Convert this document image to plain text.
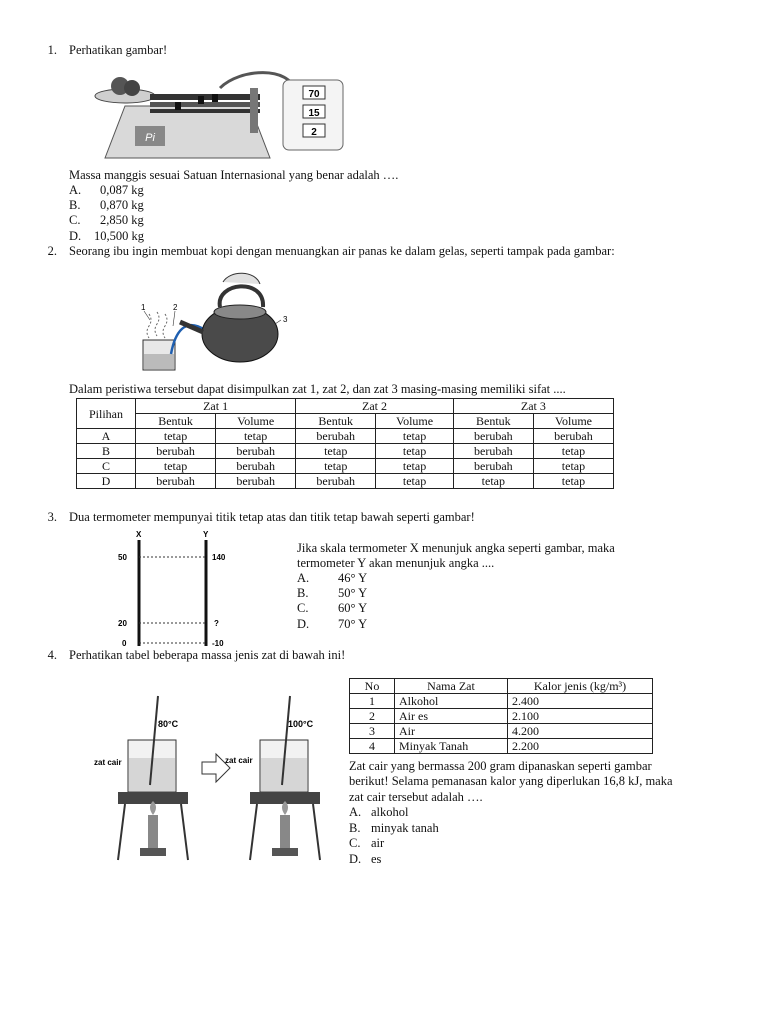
1. Perhatikan gambar!
Pi
70
15
2
Massa manggis sesuai Satuan Internasional yang benar adalah ….
A. 0,087 kg
B. 0,870 kg
C. 2,850 kg
D. 10,500 kg
2. Seorang ibu ingin membuat kopi dengan menuangkan air panas ke dalam gelas, seperti tampak pada gambar:
1	2
3
Dalam peristiwa tersebut dapat disimpulkan zat 1, zat 2, dan zat 3 masing-masing memiliki sifat ....
Pilihan	Zat 1		Zat 2		Zat 3	
	Bentuk	Volume	Bentuk	Volume	Bentuk	Volume
A	tetap	tetap	berubah	tetap	berubah	berubah
B	berubah	berubah	tetap	tetap	berubah	tetap
C	tetap	berubah	tetap	tetap	berubah	tetap
D	berubah	berubah	berubah	tetap	tetap	tetap
3. Dua termometer mempunyai titik tetap atas dan titik tetap bawah seperti gambar!
X	Y
50
20
0
140
?
-10
Jika skala termometer X menunjuk angka seperti gambar, maka
termometer Y akan menunjuk angka ....
A. 46° Y
B. 50° Y
C. 60° Y
D. 70° Y
4. Perhatikan tabel beberapa massa jenis zat di bawah ini!
No	Nama Zat	Kalor jenis (kg/m³)
1	Alkohol	2.400
2	Air es	2.100
3	Air	4.200
4	Minyak Tanah	2.200
80°C
zat cair
100°C
zat cair	Zat cair yang bermassa 200 gram dipanaskan seperti gambar
berikut! Selama pemanasan kalor yang diperlukan 16,8 kJ, maka
zat cair tersebut adalah ….
A. alkohol
B. minyak tanah
C. air
D. es
